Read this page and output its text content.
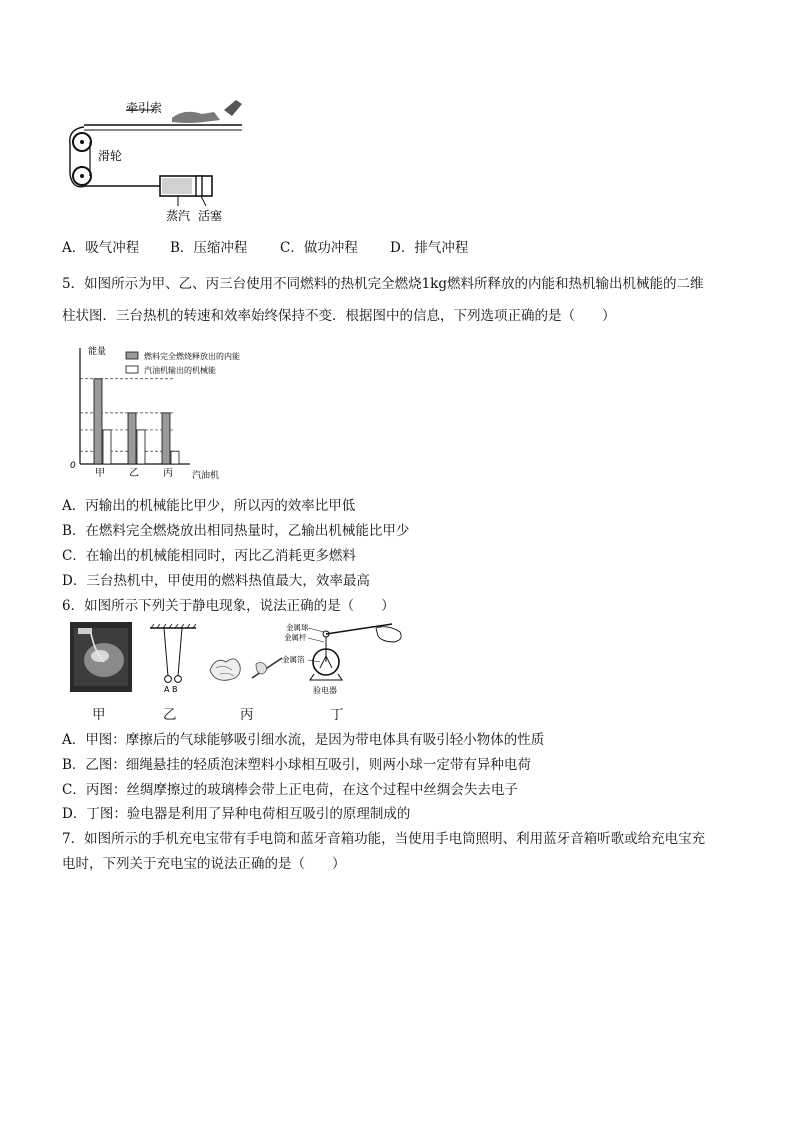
牵引索
滑轮
蒸汽 活塞
A．吸气冲程 B．压缩冲程 C．做功冲程 D．排气冲程
5．如图所示为甲、乙、丙三台使用不同燃料的热机完全燃烧1kg燃料所释放的内能和热机输出机械能的二维
柱状图．三台热机的转速和效率始终保持不变．根据图中的信息，下列选项正确的是（　　）
能量
0
汽油机
燃料完全燃烧释放出的内能
汽油机输出的机械能
甲 乙 丙
A．丙输出的机械能比甲少，所以丙的效率比甲低
B．在燃料完全燃烧放出相同热量时，乙输出机械能比甲少
C．在输出的机械能相同时，丙比乙消耗更多燃料
D．三台热机中，甲使用的燃料热值最大，效率最高
6．如图所示下列关于静电现象，说法正确的是（　　）
A B
金属球
金属杆
金属箔
验电器
甲	乙	丙	丁
A．甲图：摩擦后的气球能够吸引细水流，是因为带电体具有吸引轻小物体的性质
B．乙图：细绳悬挂的轻质泡沫塑料小球相互吸引，则两小球一定带有异种电荷
C．丙图：丝绸摩擦过的玻璃棒会带上正电荷，在这个过程中丝绸会失去电子
D．丁图：验电器是利用了异种电荷相互吸引的原理制成的
7．如图所示的手机充电宝带有手电筒和蓝牙音箱功能，当使用手电筒照明、利用蓝牙音箱听歌或给充电宝充
电时，下列关于充电宝的说法正确的是（　　）
